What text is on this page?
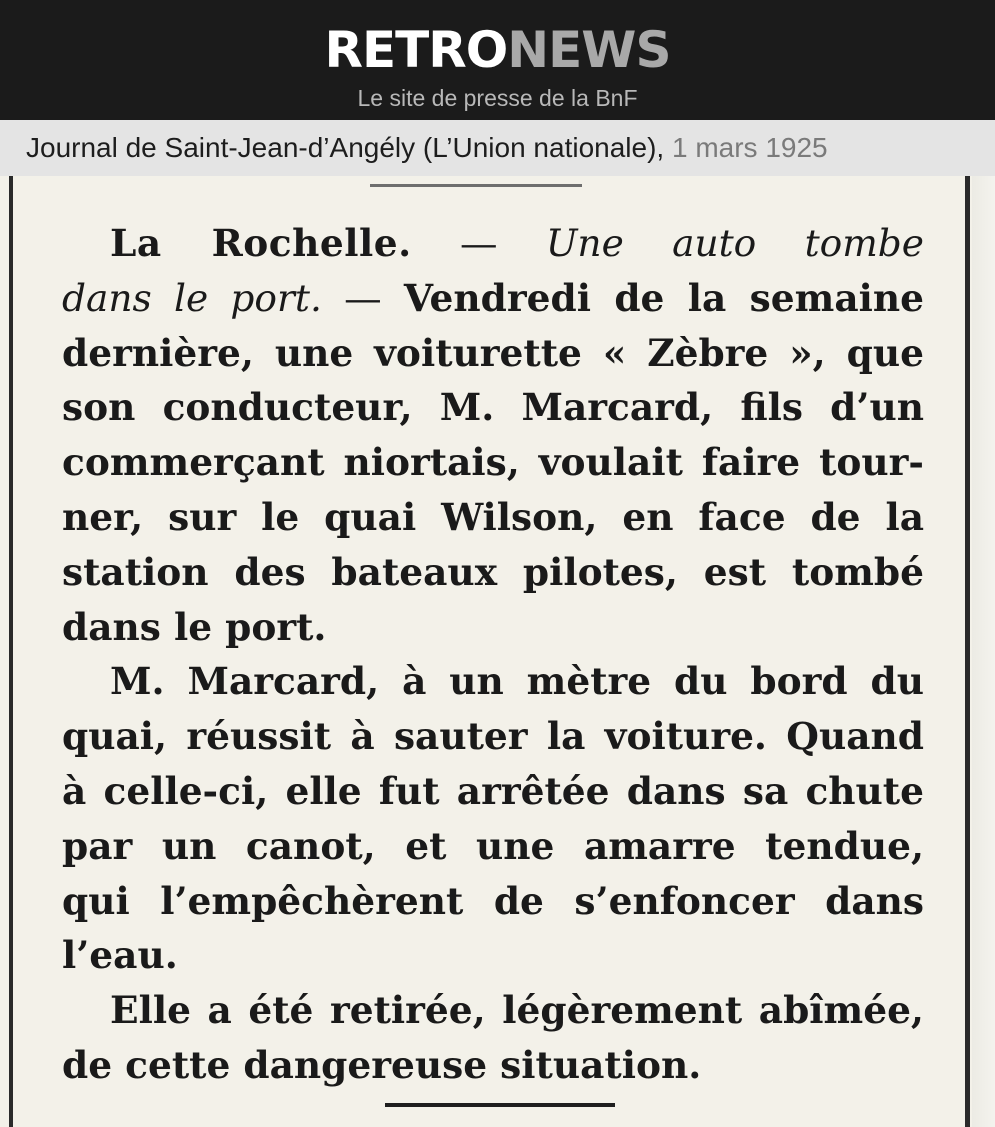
RETRONEWS
Le site de presse de la BnF
Journal de Saint-Jean-d’Angély (L’Union nationale), 1 mars 1925
La Rochelle. — Une auto tombe
dans le port. — Vendredi de la semaine
dernière, une voiturette « Zèbre », que
son conducteur, M. Marcard, fils d’un
commerçant niortais, voulait faire tour-
ner, sur le quai Wilson, en face de la
station des bateaux pilotes, est tombé
dans le port.
M. Marcard, à un mètre du bord du
quai, réussit à sauter la voiture. Quand
à celle-ci, elle fut arrêtée dans sa chute
par un canot, et une amarre tendue,
qui l’empêchèrent de s’enfoncer dans
l’eau.
Elle a été retirée, légèrement abîmée,
de cette dangereuse situation.
